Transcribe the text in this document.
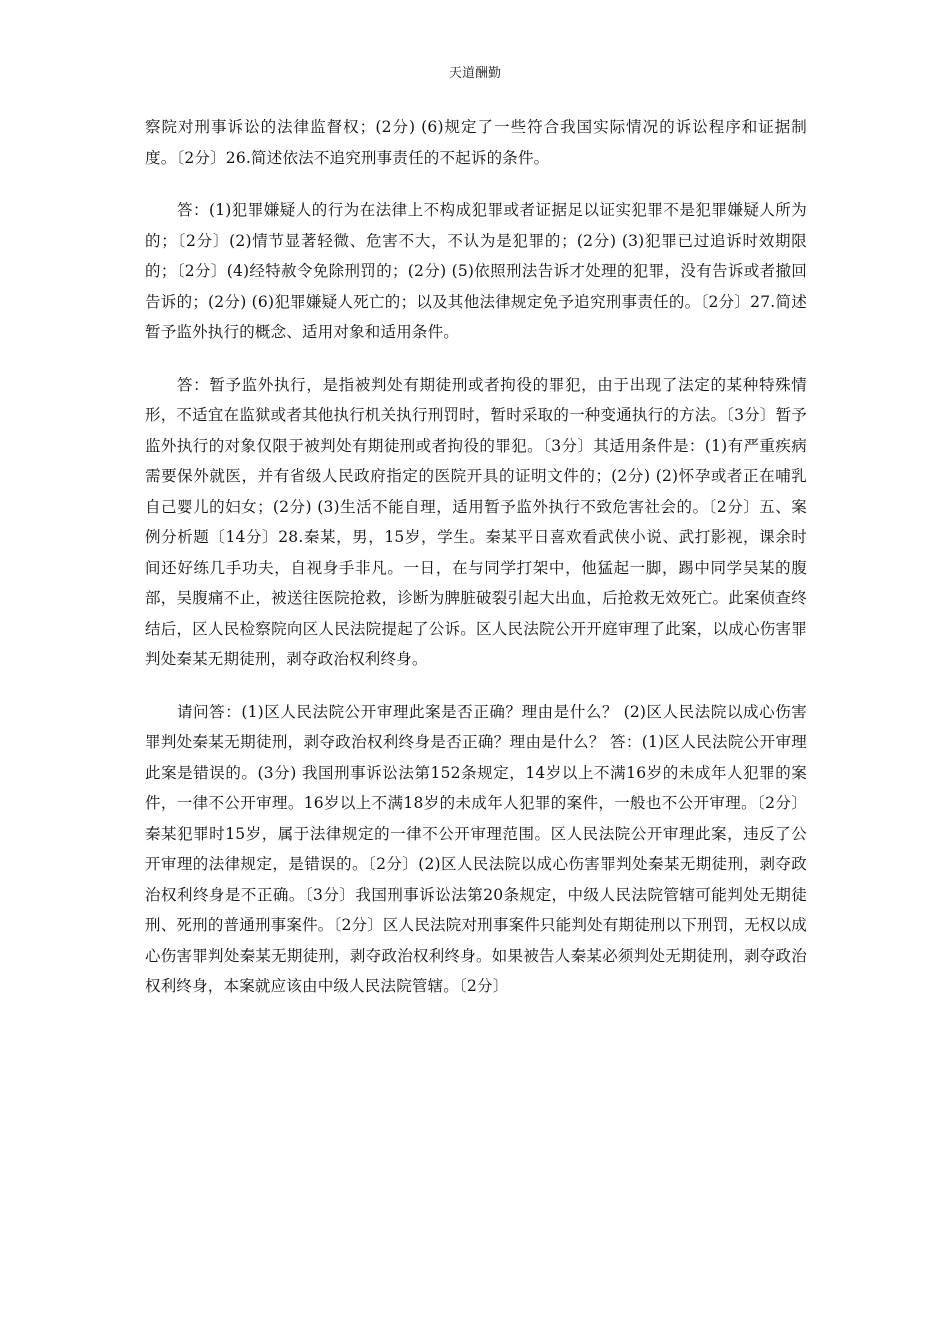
天道酬勤

察院对刑事诉讼的法律监督权；(2分) (6)规定了一些符合我国实际情况的诉讼程序和证据制度。〔2分〕26.简述依法不追究刑事责任的不起诉的条件。

答：(1)犯罪嫌疑人的行为在法律上不构成犯罪或者证据足以证实犯罪不是犯罪嫌疑人所为的；〔2分〕(2)情节显著轻微、危害不大，不认为是犯罪的；(2分) (3)犯罪已过追诉时效期限的；〔2分〕(4)经特赦令免除刑罚的；(2分) (5)依照刑法告诉才处理的犯罪，没有告诉或者撤回告诉的；(2分) (6)犯罪嫌疑人死亡的；以及其他法律规定免予追究刑事责任的。〔2分〕27.简述暂予监外执行的概念、适用对象和适用条件。

答：暂予监外执行，是指被判处有期徒刑或者拘役的罪犯，由于出现了法定的某种特殊情形，不适宜在监狱或者其他执行机关执行刑罚时，暂时采取的一种变通执行的方法。〔3分〕暂予监外执行的对象仅限于被判处有期徒刑或者拘役的罪犯。〔3分〕其适用条件是：(1)有严重疾病需要保外就医，并有省级人民政府指定的医院开具的证明文件的；(2分) (2)怀孕或者正在哺乳自己婴儿的妇女；(2分) (3)生活不能自理，适用暂予监外执行不致危害社会的。〔2分〕五、案例分析题〔14分〕28.秦某，男，15岁，学生。秦某平日喜欢看武侠小说、武打影视，课余时间还好练几手功夫，自视身手非凡。一日，在与同学打架中，他猛起一脚，踢中同学吴某的腹部，吴腹痛不止，被送往医院抢救，诊断为脾脏破裂引起大出血，后抢救无效死亡。此案侦查终结后，区人民检察院向区人民法院提起了公诉。区人民法院公开开庭审理了此案，以成心伤害罪判处秦某无期徒刑，剥夺政治权利终身。

请问答：(1)区人民法院公开审理此案是否正确？理由是什么？ (2)区人民法院以成心伤害罪判处秦某无期徒刑，剥夺政治权利终身是否正确？理由是什么？ 答：(1)区人民法院公开审理此案是错误的。(3分) 我国刑事诉讼法第152条规定，14岁以上不满16岁的未成年人犯罪的案件，一律不公开审理。16岁以上不满18岁的未成年人犯罪的案件，一般也不公开审理。〔2分〕秦某犯罪时15岁，属于法律规定的一律不公开审理范围。区人民法院公开审理此案，违反了公开审理的法律规定，是错误的。〔2分〕(2)区人民法院以成心伤害罪判处秦某无期徒刑，剥夺政治权利终身是不正确。〔3分〕我国刑事诉讼法第20条规定，中级人民法院管辖可能判处无期徒刑、死刑的普通刑事案件。〔2分〕区人民法院对刑事案件只能判处有期徒刑以下刑罚，无权以成心伤害罪判处秦某无期徒刑，剥夺政治权利终身。如果被告人秦某必须判处无期徒刑，剥夺政治权利终身，本案就应该由中级人民法院管辖。〔2分〕
